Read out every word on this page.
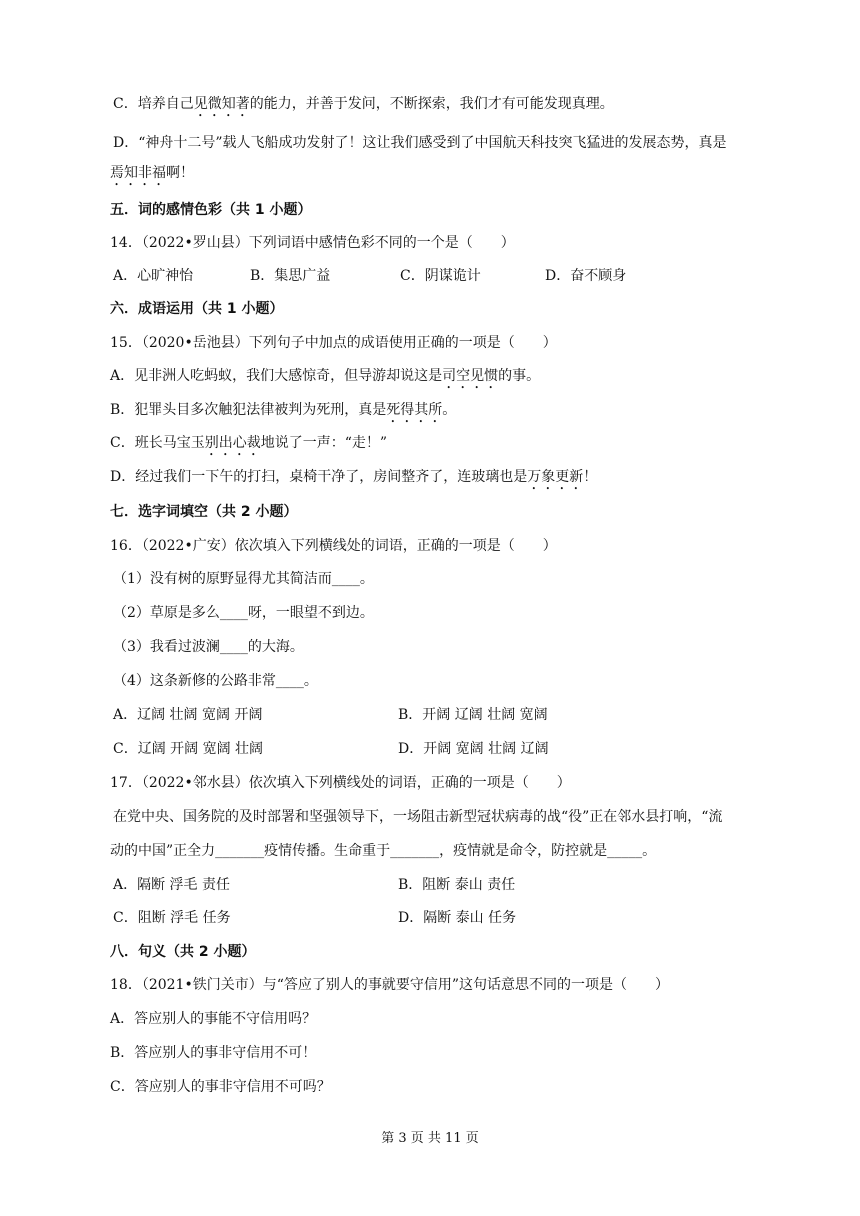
C．培养自己见微知著的能力，并善于发问，不断探索，我们才有可能发现真理。
D．“神舟十二号”载人飞船成功发射了！这让我们感受到了中国航天科技突飞猛进的发展态势，真是
焉知非福啊！
五．词的感情色彩（共 1 小题）
14．（2022•罗山县）下列词语中感情色彩不同的一个是（　　）
A．心旷神怡	B．集思广益	C．阴谋诡计	D．奋不顾身
六．成语运用（共 1 小题）
15．（2020•岳池县）下列句子中加点的成语使用正确的一项是（　　）
A．见非洲人吃蚂蚁，我们大感惊奇，但导游却说这是司空见惯的事。
B．犯罪头目多次触犯法律被判为死刑，真是死得其所。
C．班长马宝玉别出心裁地说了一声：“走！”
D．经过我们一下午的打扫，桌椅干净了，房间整齐了，连玻璃也是万象更新！
七．选字词填空（共 2 小题）
16．（2022•广安）依次填入下列横线处的词语，正确的一项是（　　）
（1）没有树的原野显得尤其简洁而____。
（2）草原是多么____呀，一眼望不到边。
（3）我看过波澜____的大海。
（4）这条新修的公路非常____。
A．辽阔 壮阔 宽阔 开阔	B．开阔 辽阔 壮阔 宽阔
C．辽阔 开阔 宽阔 壮阔	D．开阔 宽阔 壮阔 辽阔
17．（2022•邻水县）依次填入下列横线处的词语，正确的一项是（　　）
在党中央、国务院的及时部署和坚强领导下，一场阻击新型冠状病毒的战“役”正在邻水县打响，“流
动的中国”正全力_______疫情传播。生命重于_______，疫情就是命令，防控就是_____。
A．隔断 浮毛 责任	B．阻断 泰山 责任
C．阻断 浮毛 任务	D．隔断 泰山 任务
八．句义（共 2 小题）
18．（2021•铁门关市）与“答应了别人的事就要守信用”这句话意思不同的一项是（　　）
A．答应别人的事能不守信用吗？
B．答应别人的事非守信用不可！
C．答应别人的事非守信用不可吗？
第 3 页 共 11 页
